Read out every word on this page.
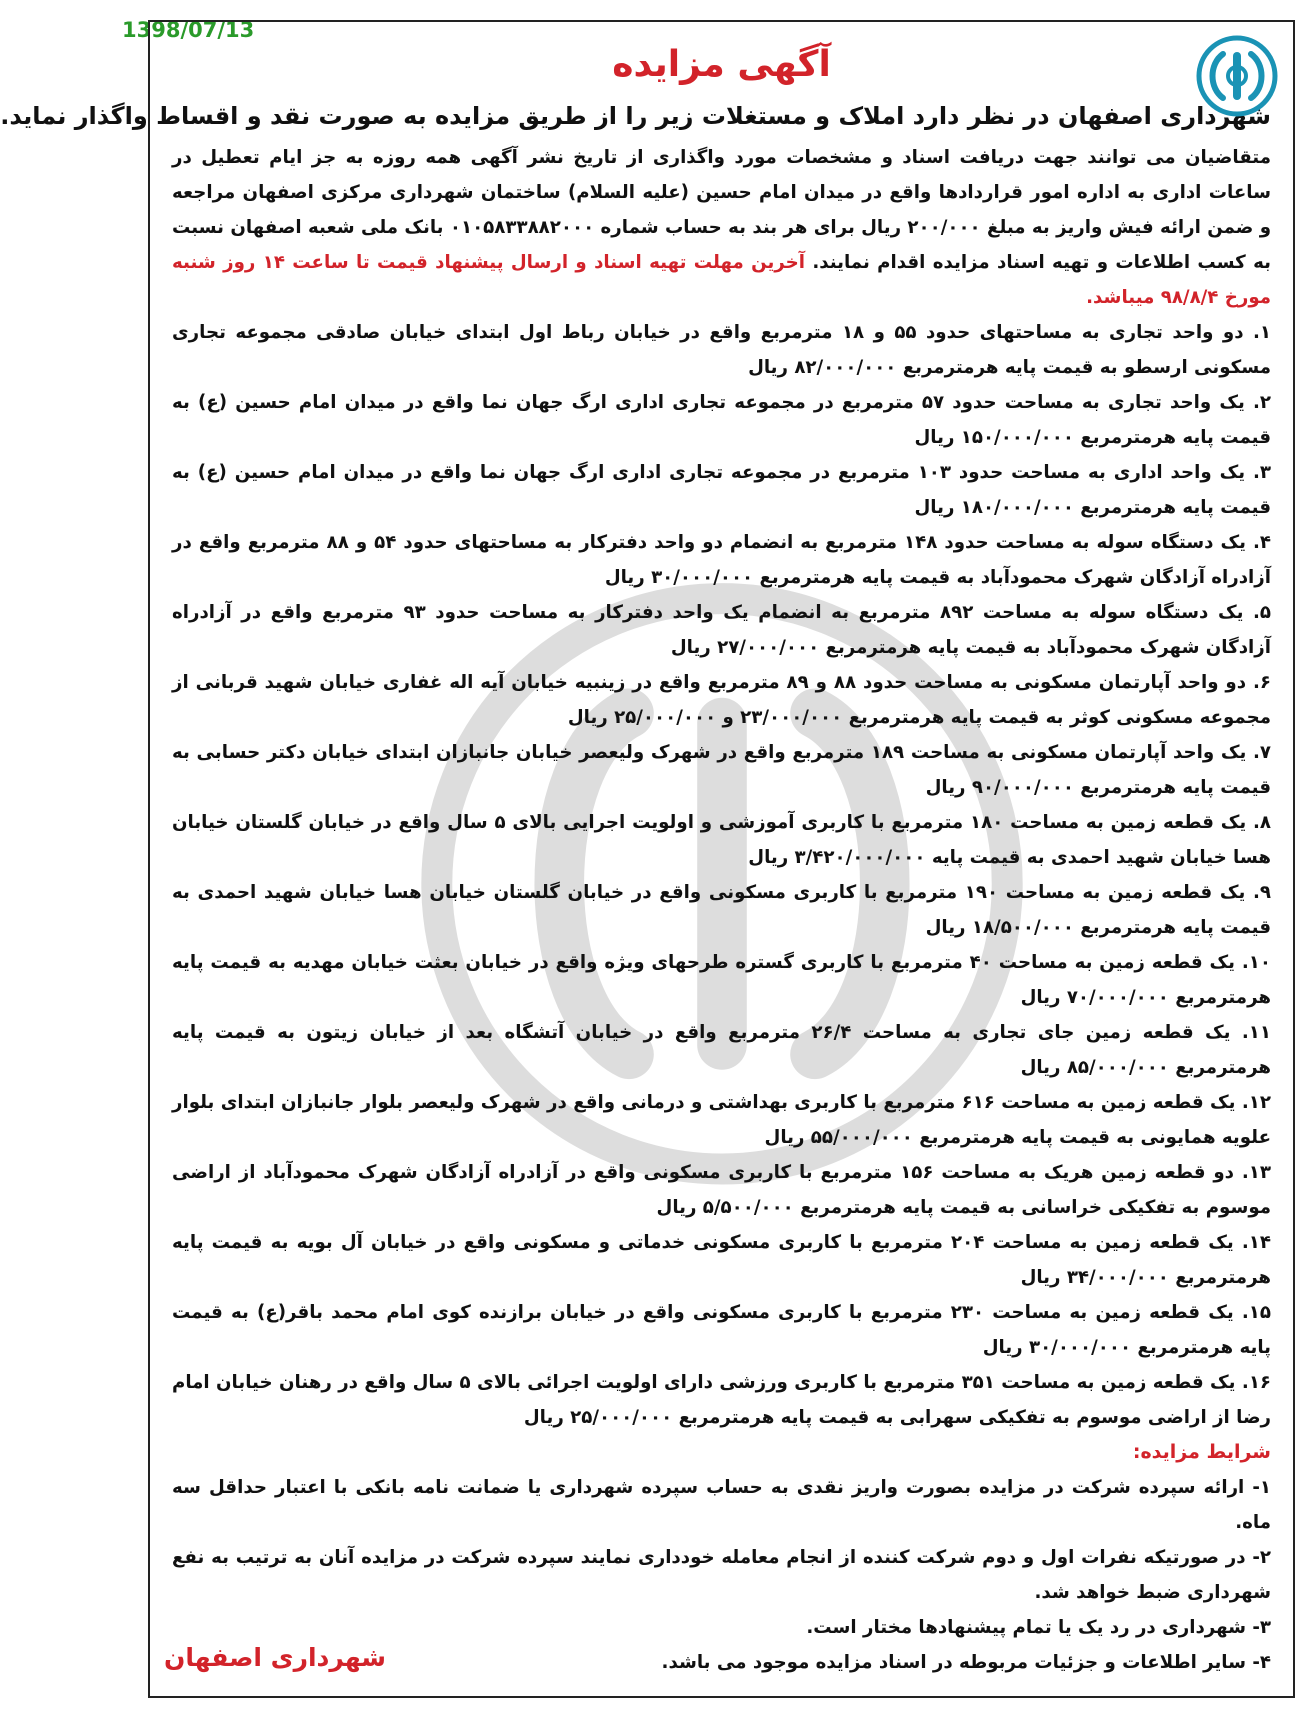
1398/07/13
آگهی مزایده
شهرداری اصفهان در نظر دارد املاک و مستغلات زیر را از طریق مزایده به صورت نقد و اقساط واگذار نماید.

متقاضیان می توانند جهت دریافت اسناد و مشخصات مورد واگذاری از تاریخ نشر آگهی همه روزه به جز ایام تعطیل در ساعات اداری به اداره امور قراردادها واقع در میدان امام حسین (علیه السلام) ساختمان شهرداری مرکزی اصفهان مراجعه و ضمن ارائه فیش واریز به مبلغ ۲۰۰/۰۰۰ ریال برای هر بند به حساب شماره ۰۱۰۵۸۳۳۸۸۲۰۰۰ بانک ملی شعبه اصفهان نسبت به کسب اطلاعات و تهیه اسناد مزایده اقدام نمایند. آخرین مهلت تهیه اسناد و ارسال پیشنهاد قیمت تا ساعت ۱۴ روز شنبه مورخ ۹۸/۸/۴ میباشد.

۱. دو واحد تجاری به مساحتهای حدود ۵۵ و ۱۸ مترمربع واقع در خیابان رباط اول ابتدای خیابان صادقی مجموعه تجاری مسکونی ارسطو به قیمت پایه هرمترمربع ۸۲/۰۰۰/۰۰۰ ریال

۲. یک واحد تجاری به مساحت حدود ۵۷ مترمربع در مجموعه تجاری اداری ارگ جهان نما واقع در میدان امام حسین (ع) به قیمت پایه هرمترمربع ۱۵۰/۰۰۰/۰۰۰ ریال

۳. یک واحد اداری به مساحت حدود ۱۰۳ مترمربع در مجموعه تجاری اداری ارگ جهان نما واقع در میدان امام حسین (ع) به قیمت پایه هرمترمربع ۱۸۰/۰۰۰/۰۰۰ ریال

۴. یک دستگاه سوله به مساحت حدود ۱۴۸ مترمربع به انضمام دو واحد دفترکار به مساحتهای حدود ۵۴ و ۸۸ مترمربع واقع در آزادراه آزادگان شهرک محمودآباد به قیمت پایه هرمترمربع ۳۰/۰۰۰/۰۰۰ ریال

۵. یک دستگاه سوله به مساحت ۸۹۲ مترمربع به انضمام یک واحد دفترکار به مساحت حدود ۹۳ مترمربع واقع در آزادراه آزادگان شهرک محمودآباد به قیمت پایه هرمترمربع ۲۷/۰۰۰/۰۰۰ ریال

۶. دو واحد آپارتمان مسکونی به مساحت حدود ۸۸ و ۸۹ مترمربع واقع در زینبیه خیابان آیه اله غفاری خیابان شهید قربانی از مجموعه مسکونی کوثر به قیمت پایه هرمترمربع ۲۳/۰۰۰/۰۰۰ و ۲۵/۰۰۰/۰۰۰ ریال

۷. یک واحد آپارتمان مسکونی به مساحت ۱۸۹ مترمربع واقع در شهرک ولیعصر خیابان جانبازان ابتدای خیابان دکتر حسابی به قیمت پایه هرمترمربع ۹۰/۰۰۰/۰۰۰ ریال

۸. یک قطعه زمین به مساحت ۱۸۰ مترمربع با کاربری آموزشی و اولویت اجرایی بالای ۵ سال واقع در خیابان گلستان خیابان هسا خیابان شهید احمدی به قیمت پایه ۳/۴۲۰/۰۰۰/۰۰۰ ریال

۹. یک قطعه زمین به مساحت ۱۹۰ مترمربع با کاربری مسکونی واقع در خیابان گلستان خیابان هسا خیابان شهید احمدی به قیمت پایه هرمترمربع ۱۸/۵۰۰/۰۰۰ ریال

۱۰. یک قطعه زمین به مساحت ۴۰ مترمربع با کاربری گستره طرحهای ویژه واقع در خیابان بعثت خیابان مهدیه به قیمت پایه هرمترمربع ۷۰/۰۰۰/۰۰۰ ریال

۱۱. یک قطعه زمین جای تجاری به مساحت ۲۶/۴ مترمربع واقع در خیابان آتشگاه بعد از خیابان زیتون به قیمت پایه هرمترمربع ۸۵/۰۰۰/۰۰۰ ریال

۱۲. یک قطعه زمین به مساحت ۶۱۶ مترمربع با کاربری بهداشتی و درمانی واقع در شهرک ولیعصر بلوار جانبازان ابتدای بلوار علویه همایونی به قیمت پایه هرمترمربع ۵۵/۰۰۰/۰۰۰ ریال

۱۳. دو قطعه زمین هریک به مساحت ۱۵۶ مترمربع با کاربری مسکونی واقع در آزادراه آزادگان شهرک محمودآباد از اراضی موسوم به تفکیکی خراسانی به قیمت پایه هرمترمربع ۵/۵۰۰/۰۰۰ ریال

۱۴. یک قطعه زمین به مساحت ۲۰۴ مترمربع با کاربری مسکونی خدماتی و مسکونی واقع در خیابان آل بویه به قیمت پایه هرمترمربع ۳۴/۰۰۰/۰۰۰ ریال

۱۵. یک قطعه زمین به مساحت ۲۳۰ مترمربع با کاربری مسکونی واقع در خیابان برازنده کوی امام محمد باقر(ع) به قیمت پایه هرمترمربع ۳۰/۰۰۰/۰۰۰ ریال

۱۶. یک قطعه زمین به مساحت ۳۵۱ مترمربع با کاربری ورزشی دارای اولویت اجرائی بالای ۵ سال واقع در رهنان خیابان امام رضا از اراضی موسوم به تفکیکی سهرابی به قیمت پایه هرمترمربع ۲۵/۰۰۰/۰۰۰ ریال

شرایط مزایده:

۱- ارائه سپرده شرکت در مزایده بصورت واریز نقدی به حساب سپرده شهرداری یا ضمانت نامه بانکی با اعتبار حداقل سه ماه.

۲- در صورتیکه نفرات اول و دوم شرکت کننده از انجام معامله خودداری نمایند سپرده شرکت در مزایده آنان به ترتیب به نفع شهرداری ضبط خواهد شد.

۳- شهرداری در رد یک یا تمام پیشنهادها مختار است.

۴- سایر اطلاعات و جزئیات مربوطه در اسناد مزایده موجود می باشد.

شهرداری اصفهان
